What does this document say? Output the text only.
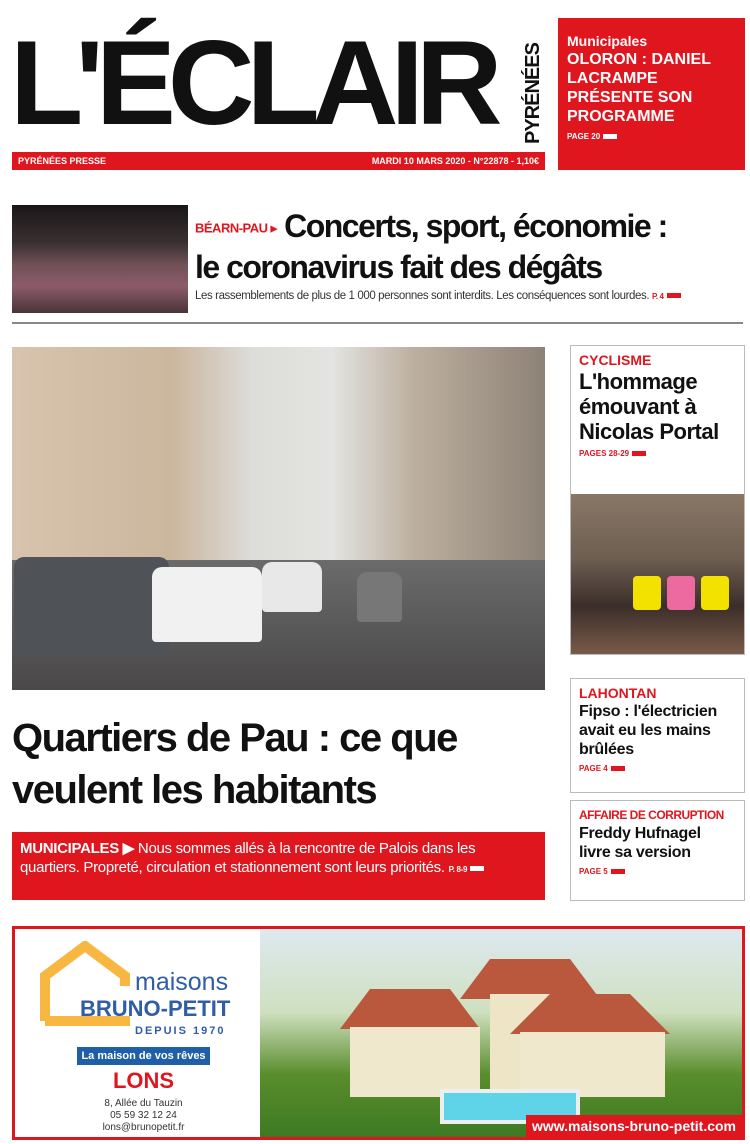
L'ÉCLAIR	PYRÉNÉES
PYRÉNÉES PRESSE	MARDI 10 MARS 2020 - N°22878 - 1,10€
Municipales
OLORON : DANIEL LACRAMPE PRÉSENTE SON PROGRAMME
PAGE 20
BÉARN-PAU ▸ Concerts, sport, économie :
le coronavirus fait des dégâts
Les rassemblements de plus de 1 000 personnes sont interdits. Les conséquences sont lourdes. P. 4
Quartiers de Pau : ce que
veulent les habitants
MUNICIPALES ▶ Nous sommes allés à la rencontre de Palois dans les quartiers. Propreté, circulation et stationnement sont leurs priorités. P. 8-9
CYCLISME
L'hommage émouvant à Nicolas Portal
PAGES 28-29
LAHONTAN
Fipso : l'électricien avait eu les mains brûlées
PAGE 4
AFFAIRE DE CORRUPTION
Freddy Hufnagel livre sa version
PAGE 5
www.maisons-bruno-petit.com
maisons
BRUNO-PETIT
DEPUIS 1970
La maison de vos rêves
LONS
8, Allée du Tauzin
05 59 32 12 24
lons@brunopetit.fr
